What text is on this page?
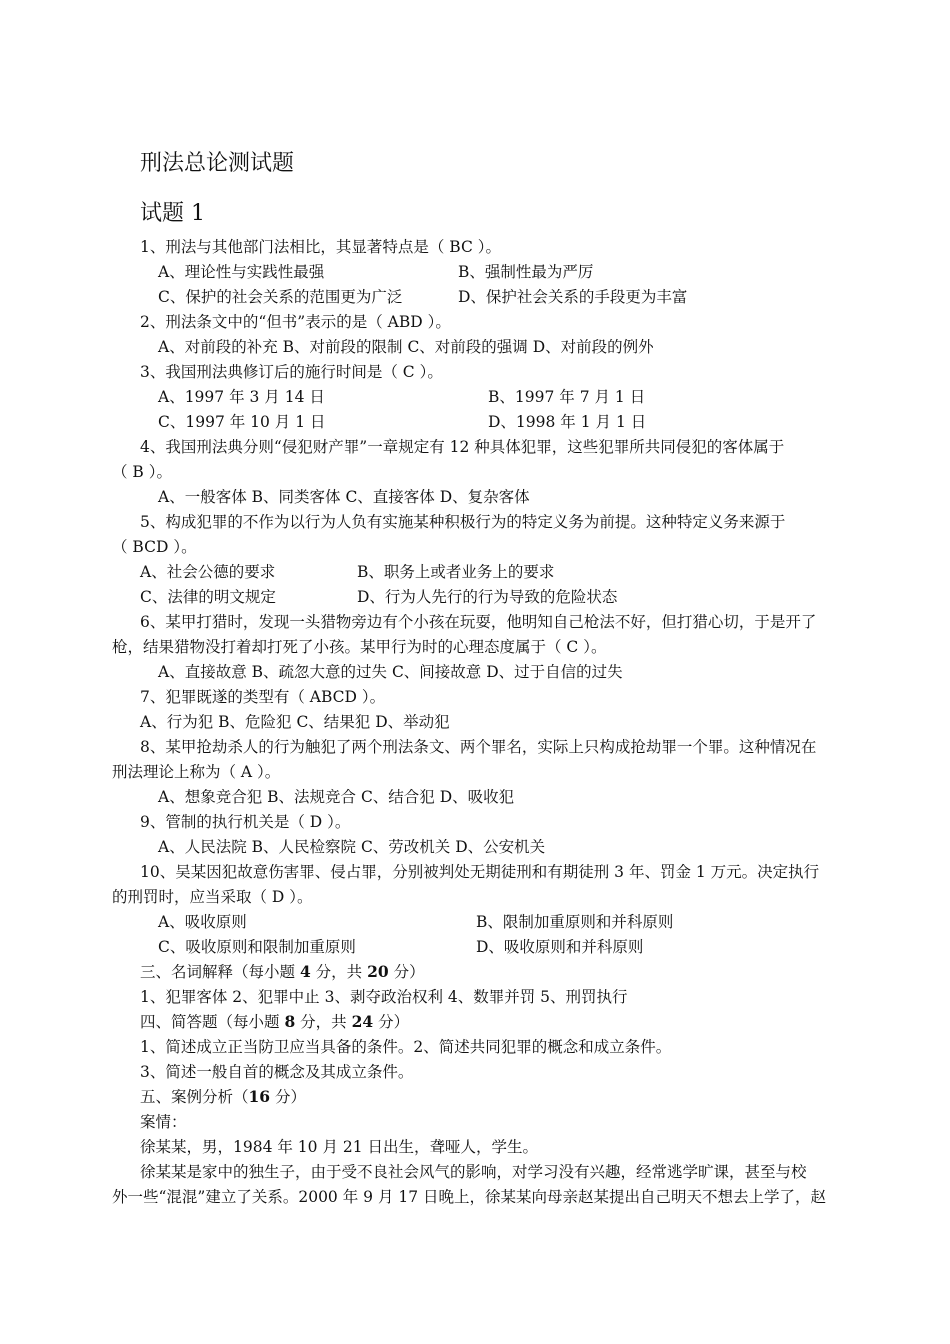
刑法总论测试题
试题 1
1、刑法与其他部门法相比，其显著特点是（ BC ）。
A、理论性与实践性最强	B、强制性最为严厉
C、保护的社会关系的范围更为广泛	D、保护社会关系的手段更为丰富
2、刑法条文中的“但书”表示的是（ ABD ）。
A、对前段的补充 B、对前段的限制 C、对前段的强调 D、对前段的例外
3、我国刑法典修订后的施行时间是（ C ）。
A、1997 年 3 月 14 日	B、1997 年 7 月 1 日
C、1997 年 10 月 1 日	D、1998 年 1 月 1 日
4、我国刑法典分则“侵犯财产罪”一章规定有 12 种具体犯罪，这些犯罪所共同侵犯的客体属于
（ B ）。
A、一般客体 B、同类客体 C、直接客体 D、复杂客体
5、构成犯罪的不作为以行为人负有实施某种积极行为的特定义务为前提。这种特定义务来源于
（ BCD ）。
A、社会公德的要求	B、职务上或者业务上的要求
C、法律的明文规定	D、行为人先行的行为导致的危险状态
6、某甲打猎时，发现一头猎物旁边有个小孩在玩耍，他明知自己枪法不好，但打猎心切，于是开了
枪，结果猎物没打着却打死了小孩。某甲行为时的心理态度属于（ C ）。
A、直接故意 B、疏忽大意的过失 C、间接故意 D、过于自信的过失
7、犯罪既遂的类型有（ ABCD ）。
A、行为犯 B、危险犯 C、结果犯 D、举动犯
8、某甲抢劫杀人的行为触犯了两个刑法条文、两个罪名，实际上只构成抢劫罪一个罪。这种情况在
刑法理论上称为（ A ）。
A、想象竞合犯 B、法规竞合 C、结合犯 D、吸收犯
9、管制的执行机关是（ D ）。
A、人民法院 B、人民检察院 C、劳改机关 D、公安机关
10、吴某因犯故意伤害罪、侵占罪，分别被判处无期徒刑和有期徒刑 3 年、罚金 1 万元。决定执行
的刑罚时，应当采取（ D ）。
A、吸收原则	B、限制加重原则和并科原则
C、吸收原则和限制加重原则	D、吸收原则和并科原则
三、名词解释（每小题 4 分，共 20 分）
1、犯罪客体 2、犯罪中止 3、剥夺政治权利 4、数罪并罚 5、刑罚执行
四、简答题（每小题 8 分，共 24 分）
1、简述成立正当防卫应当具备的条件。2、简述共同犯罪的概念和成立条件。
3、简述一般自首的概念及其成立条件。
五、案例分析（16 分）
案情：
徐某某，男，1984 年 10 月 21 日出生，聋哑人，学生。
徐某某是家中的独生子，由于受不良社会风气的影响，对学习没有兴趣，经常逃学旷课，甚至与校
外一些“混混”建立了关系。2000 年 9 月 17 日晚上，徐某某向母亲赵某提出自己明天不想去上学了，赵
